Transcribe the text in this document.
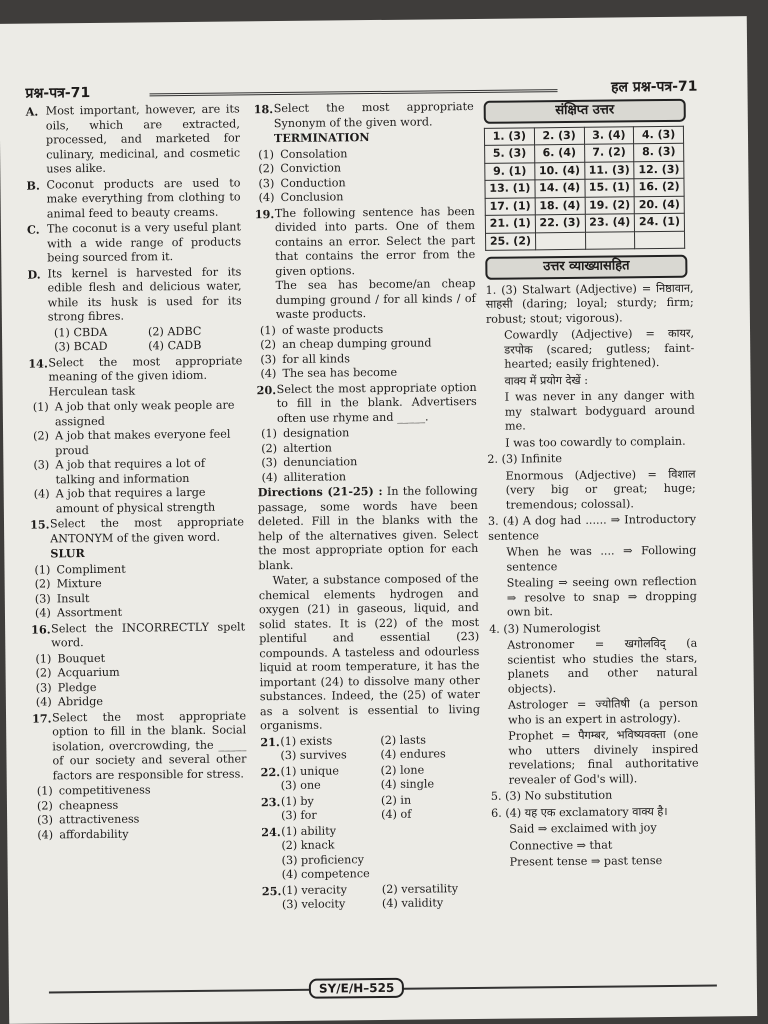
प्रश्न-पत्र-71	हल प्रश्न-पत्र-71
A. Most important, however, are its oils, which are extracted, processed, and marketed for culinary, medicinal, and cosmetic uses alike.
B. Coconut products are used to make everything from clothing to animal feed to beauty creams.
C. The coconut is a very useful plant with a wide range of products being sourced from it.
D. Its kernel is harvested for its edible flesh and delicious water, while its husk is used for its strong fibres.
(1) CBDA	(2) ADBC
(3) BCAD	(4) CADB
14. Select the most appropriate meaning of the given idiom.
Herculean task
(1) A job that only weak people are assigned
(2) A job that makes everyone feel proud
(3) A job that requires a lot of talking and information
(4) A job that requires a large amount of physical strength
15. Select the most appropriate ANTONYM of the given word.
SLUR
(1) Compliment
(2) Mixture
(3) Insult
(4) Assortment
16. Select the INCORRECTLY spelt word.
(1) Bouquet
(2) Acquarium
(3) Pledge
(4) Abridge
17. Select the most appropriate option to fill in the blank. Social isolation, overcrowding, the _____ of our society and several other factors are responsible for stress.
(1) competitiveness
(2) cheapness
(3) attractiveness
(4) affordability
18. Select the most appropriate Synonym of the given word.
TERMINATION
(1) Consolation
(2) Conviction
(3) Conduction
(4) Conclusion
19. The following sentence has been divided into parts. One of them contains an error. Select the part that contains the error from the given options.
The sea has become/an cheap dumping ground / for all kinds / of waste products.
(1) of waste products
(2) an cheap dumping ground
(3) for all kinds
(4) The sea has become
20. Select the most appropriate option to fill in the blank. Advertisers often use rhyme and _____.
(1) designation
(2) altertion
(3) denunciation
(4) alliteration

Directions (21-25) : In the following passage, some words have been deleted. Fill in the blanks with the help of the alternatives given. Select the most appropriate option for each blank.

Water, a substance composed of the chemical elements hydrogen and oxygen (21) in gaseous, liquid, and solid states. It is (22) of the most plentiful and essential (23) compounds. A tasteless and odourless liquid at room temperature, it has the important (24) to dissolve many other substances. Indeed, the (25) of water as a solvent is essential to living organisms.

21. (1) exists	(2) lasts
(3) survives	(4) endures
22. (1) unique	(2) lone
(3) one	(4) single
23. (1) by	(2) in
(3) for	(4) of
24. (1) ability
(2) knack
(3) proficiency
(4) competence
25. (1) veracity	(2) versatility
(3) velocity	(4) validity
संक्षिप्त उत्तर
1. (3)	2. (3)	3. (4)	4. (3)
5. (3)	6. (4)	7. (2)	8. (3)
9. (1)	10. (4)	11. (3)	12. (3)
13. (1)	14. (4)	15. (1)	16. (2)
17. (1)	18. (4)	19. (2)	20. (4)
21. (1)	22. (3)	23. (4)	24. (1)
25. (2)			
उत्तर व्याख्यासहित

1. (3) Stalwart (Adjective) = निष्ठावान, साहसी (daring; loyal; sturdy; firm; robust; stout; vigorous).

Cowardly (Adjective) = कायर, डरपोक (scared; gutless; faint-hearted; easily frightened).

वाक्य में प्रयोग देखें :

I was never in any danger with my stalwart bodyguard around me.

I was too cowardly to complain.

2. (3) Infinite

Enormous (Adjective) = विशाल (very big or great; huge; tremendous; colossal).

3. (4) A dog had ...... ⇒ Introductory sentence

When he was .... ⇒ Following sentence

Stealing ⇒ seeing own reflection ⇒ resolve to snap ⇒ dropping own bit.

4. (3) Numerologist

Astronomer = खगोलविद् (a scientist who studies the stars, planets and other natural objects).

Astrologer = ज्योतिषी (a person who is an expert in astrology).

Prophet = पैगम्बर, भविष्यवक्ता (one who utters divinely inspired revelations; final authoritative revealer of God's will).

5. (3) No substitution

6. (4) यह एक exclamatory वाक्य है।

Said ⇒ exclaimed with joy

Connective ⇒ that

Present tense ⇒ past tense

SY/E/H–525
